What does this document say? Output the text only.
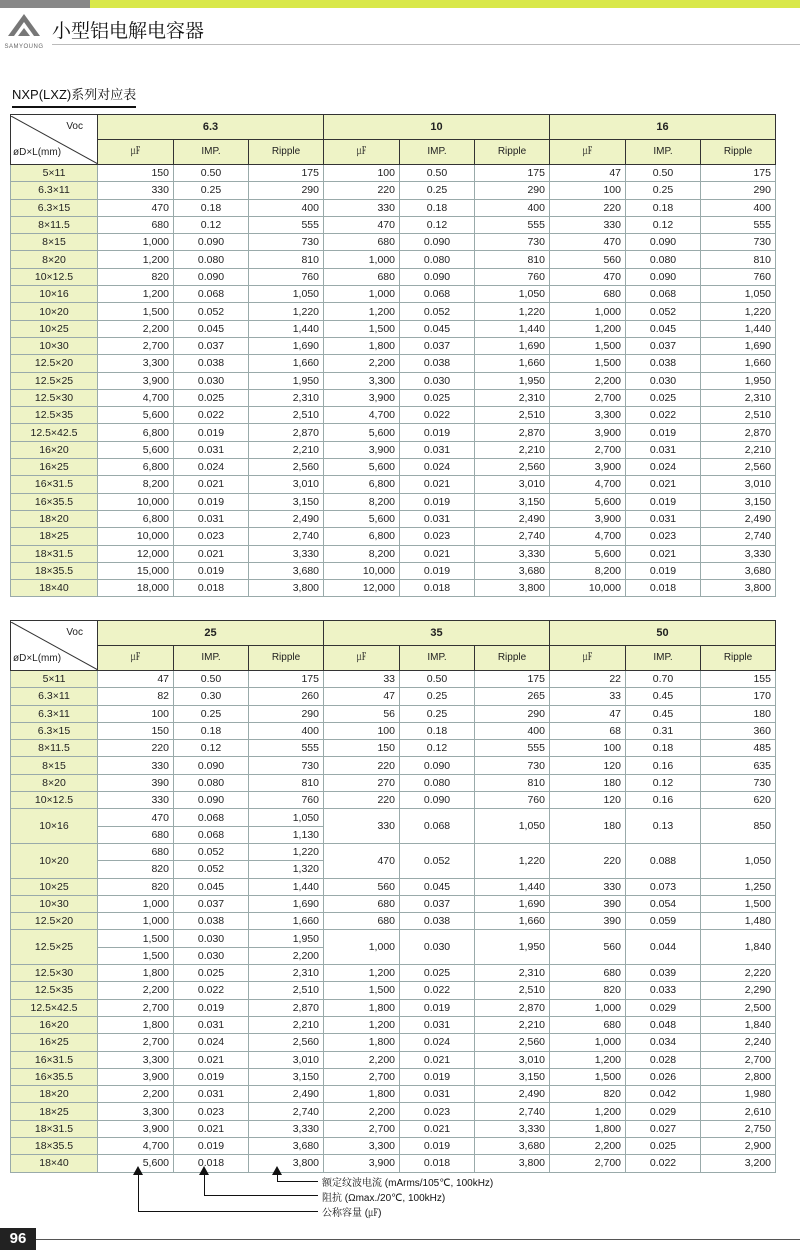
SAMYOUNG
小型铝电解电容器
NXP(LXZ)系列对应表
Voc
øD×L(mm)	6.3			10			16		
	㎌	IMP.	Ripple	㎌	IMP.	Ripple	㎌	IMP.	Ripple
5×11	150	0.50	175	100	0.50	175	47	0.50	175
6.3×11	330	0.25	290	220	0.25	290	100	0.25	290
6.3×15	470	0.18	400	330	0.18	400	220	0.18	400
8×11.5	680	0.12	555	470	0.12	555	330	0.12	555
8×15	1,000	0.090	730	680	0.090	730	470	0.090	730
8×20	1,200	0.080	810	1,000	0.080	810	560	0.080	810
10×12.5	820	0.090	760	680	0.090	760	470	0.090	760
10×16	1,200	0.068	1,050	1,000	0.068	1,050	680	0.068	1,050
10×20	1,500	0.052	1,220	1,200	0.052	1,220	1,000	0.052	1,220
10×25	2,200	0.045	1,440	1,500	0.045	1,440	1,200	0.045	1,440
10×30	2,700	0.037	1,690	1,800	0.037	1,690	1,500	0.037	1,690
12.5×20	3,300	0.038	1,660	2,200	0.038	1,660	1,500	0.038	1,660
12.5×25	3,900	0.030	1,950	3,300	0.030	1,950	2,200	0.030	1,950
12.5×30	4,700	0.025	2,310	3,900	0.025	2,310	2,700	0.025	2,310
12.5×35	5,600	0.022	2,510	4,700	0.022	2,510	3,300	0.022	2,510
12.5×42.5	6,800	0.019	2,870	5,600	0.019	2,870	3,900	0.019	2,870
16×20	5,600	0.031	2,210	3,900	0.031	2,210	2,700	0.031	2,210
16×25	6,800	0.024	2,560	5,600	0.024	2,560	3,900	0.024	2,560
16×31.5	8,200	0.021	3,010	6,800	0.021	3,010	4,700	0.021	3,010
16×35.5	10,000	0.019	3,150	8,200	0.019	3,150	5,600	0.019	3,150
18×20	6,800	0.031	2,490	5,600	0.031	2,490	3,900	0.031	2,490
18×25	10,000	0.023	2,740	6,800	0.023	2,740	4,700	0.023	2,740
18×31.5	12,000	0.021	3,330	8,200	0.021	3,330	5,600	0.021	3,330
18×35.5	15,000	0.019	3,680	10,000	0.019	3,680	8,200	0.019	3,680
18×40	18,000	0.018	3,800	12,000	0.018	3,800	10,000	0.018	3,800
Voc
øD×L(mm)	25			35			50		
	㎌	IMP.	Ripple	㎌	IMP.	Ripple	㎌	IMP.	Ripple
5×11	47	0.50	175	33	0.50	175	22	0.70	155
6.3×11	82	0.30	260	47	0.25	265	33	0.45	170
6.3×11	100	0.25	290	56	0.25	290	47	0.45	180
6.3×15	150	0.18	400	100	0.18	400	68	0.31	360
8×11.5	220	0.12	555	150	0.12	555	100	0.18	485
8×15	330	0.090	730	220	0.090	730	120	0.16	635
8×20	390	0.080	810	270	0.080	810	180	0.12	730
10×12.5	330	0.090	760	220	0.090	760	120	0.16	620
10×16	470	0.068	1,050	330	0.068	1,050	180	0.13	850
	680	0.068	1,130						
10×20	680	0.052	1,220	470	0.052	1,220	220	0.088	1,050
	820	0.052	1,320						
10×25	820	0.045	1,440	560	0.045	1,440	330	0.073	1,250
10×30	1,000	0.037	1,690	680	0.037	1,690	390	0.054	1,500
12.5×20	1,000	0.038	1,660	680	0.038	1,660	390	0.059	1,480
12.5×25	1,500	0.030	1,950	1,000	0.030	1,950	560	0.044	1,840
	1,500	0.030	2,200						
12.5×30	1,800	0.025	2,310	1,200	0.025	2,310	680	0.039	2,220
12.5×35	2,200	0.022	2,510	1,500	0.022	2,510	820	0.033	2,290
12.5×42.5	2,700	0.019	2,870	1,800	0.019	2,870	1,000	0.029	2,500
16×20	1,800	0.031	2,210	1,200	0.031	2,210	680	0.048	1,840
16×25	2,700	0.024	2,560	1,800	0.024	2,560	1,000	0.034	2,240
16×31.5	3,300	0.021	3,010	2,200	0.021	3,010	1,200	0.028	2,700
16×35.5	3,900	0.019	3,150	2,700	0.019	3,150	1,500	0.026	2,800
18×20	2,200	0.031	2,490	1,800	0.031	2,490	820	0.042	1,980
18×25	3,300	0.023	2,740	2,200	0.023	2,740	1,200	0.029	2,610
18×31.5	3,900	0.021	3,330	2,700	0.021	3,330	1,800	0.027	2,750
18×35.5	4,700	0.019	3,680	3,300	0.019	3,680	2,200	0.025	2,900
18×40	5,600	0.018	3,800	3,900	0.018	3,800	2,700	0.022	3,200
额定纹波电流 (mArms/105℃, 100kHz)
阻抗 (Ωmax./20℃, 100kHz)
公称容量 (㎌)
96
